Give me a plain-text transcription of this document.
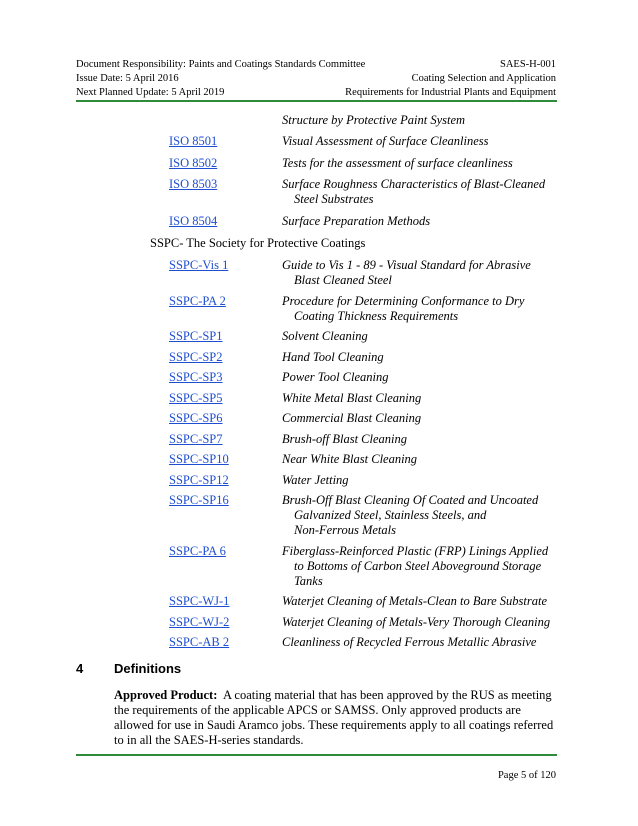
Document Responsibility: Paints and Coatings Standards Committee	SAES-H-001
Issue Date: 5 April 2016	Coating Selection and Application
Next Planned Update: 5 April 2019	Requirements for Industrial Plants and Equipment
Structure by Protective Paint System
ISO 8501	Visual Assessment of Surface Cleanliness
ISO 8502	Tests for the assessment of surface cleanliness
ISO 8503	Surface Roughness Characteristics of Blast-Cleaned
Steel Substrates
ISO 8504	Surface Preparation Methods
SSPC- The Society for Protective Coatings
SSPC-Vis 1	Guide to Vis 1 - 89 - Visual Standard for Abrasive
Blast Cleaned Steel
SSPC-PA 2	Procedure for Determining Conformance to Dry
Coating Thickness Requirements
SSPC-SP1	Solvent Cleaning
SSPC-SP2	Hand Tool Cleaning
SSPC-SP3	Power Tool Cleaning
SSPC-SP5	White Metal Blast Cleaning
SSPC-SP6	Commercial Blast Cleaning
SSPC-SP7	Brush-off Blast Cleaning
SSPC-SP10	Near White Blast Cleaning
SSPC-SP12	Water Jetting
SSPC-SP16	Brush-Off Blast Cleaning Of Coated and Uncoated
Galvanized Steel, Stainless Steels, and
Non-Ferrous Metals
SSPC-PA 6	Fiberglass-Reinforced Plastic (FRP) Linings Applied
to Bottoms of Carbon Steel Aboveground Storage
Tanks
SSPC-WJ-1	Waterjet Cleaning of Metals-Clean to Bare Substrate
SSPC-WJ-2	Waterjet Cleaning of Metals-Very Thorough Cleaning
SSPC-AB 2	Cleanliness of Recycled Ferrous Metallic Abrasive
4	Definitions
Approved Product: A coating material that has been approved by the RUS as meeting the requirements of the applicable APCS or SAMSS. Only approved products are allowed for use in Saudi Aramco jobs. These requirements apply to all coatings referred to in all the SAES-H-series standards.
Page 5 of 120
